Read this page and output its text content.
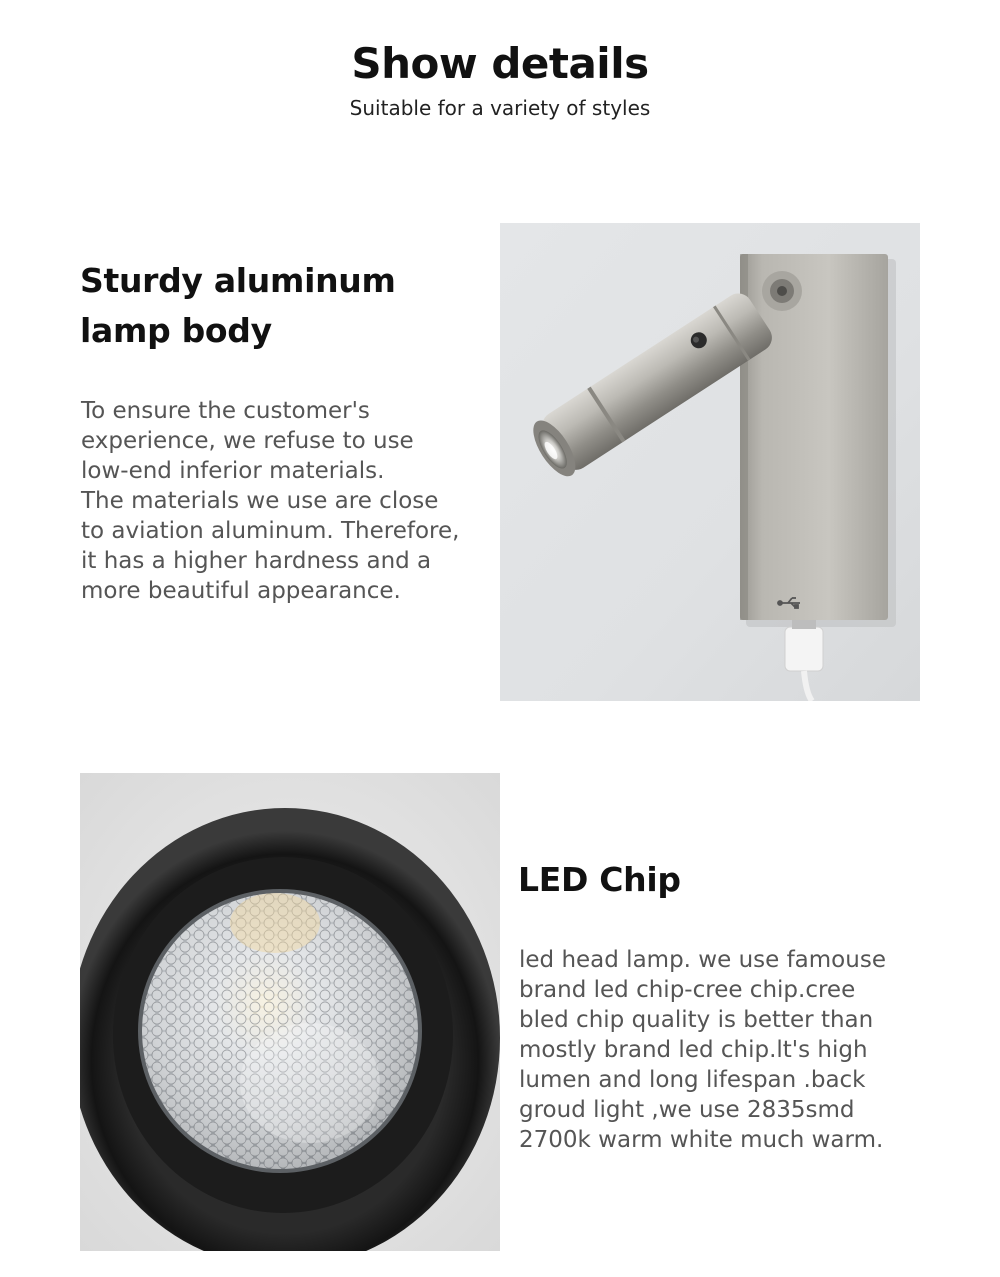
Show details
Suitable for a variety of styles
Sturdy aluminum
lamp body
To ensure the customer's
experience, we refuse to use
low-end inferior materials.
The materials we use are close
to aviation aluminum. Therefore,
it has a higher hardness and a
more beautiful appearance.
LED Chip
led head lamp. we use famouse
brand led chip-cree chip.cree
bled chip quality is better than
mostly brand led chip.lt's high
lumen and long lifespan .back
groud light ,we use 2835smd
2700k warm white much warm.
